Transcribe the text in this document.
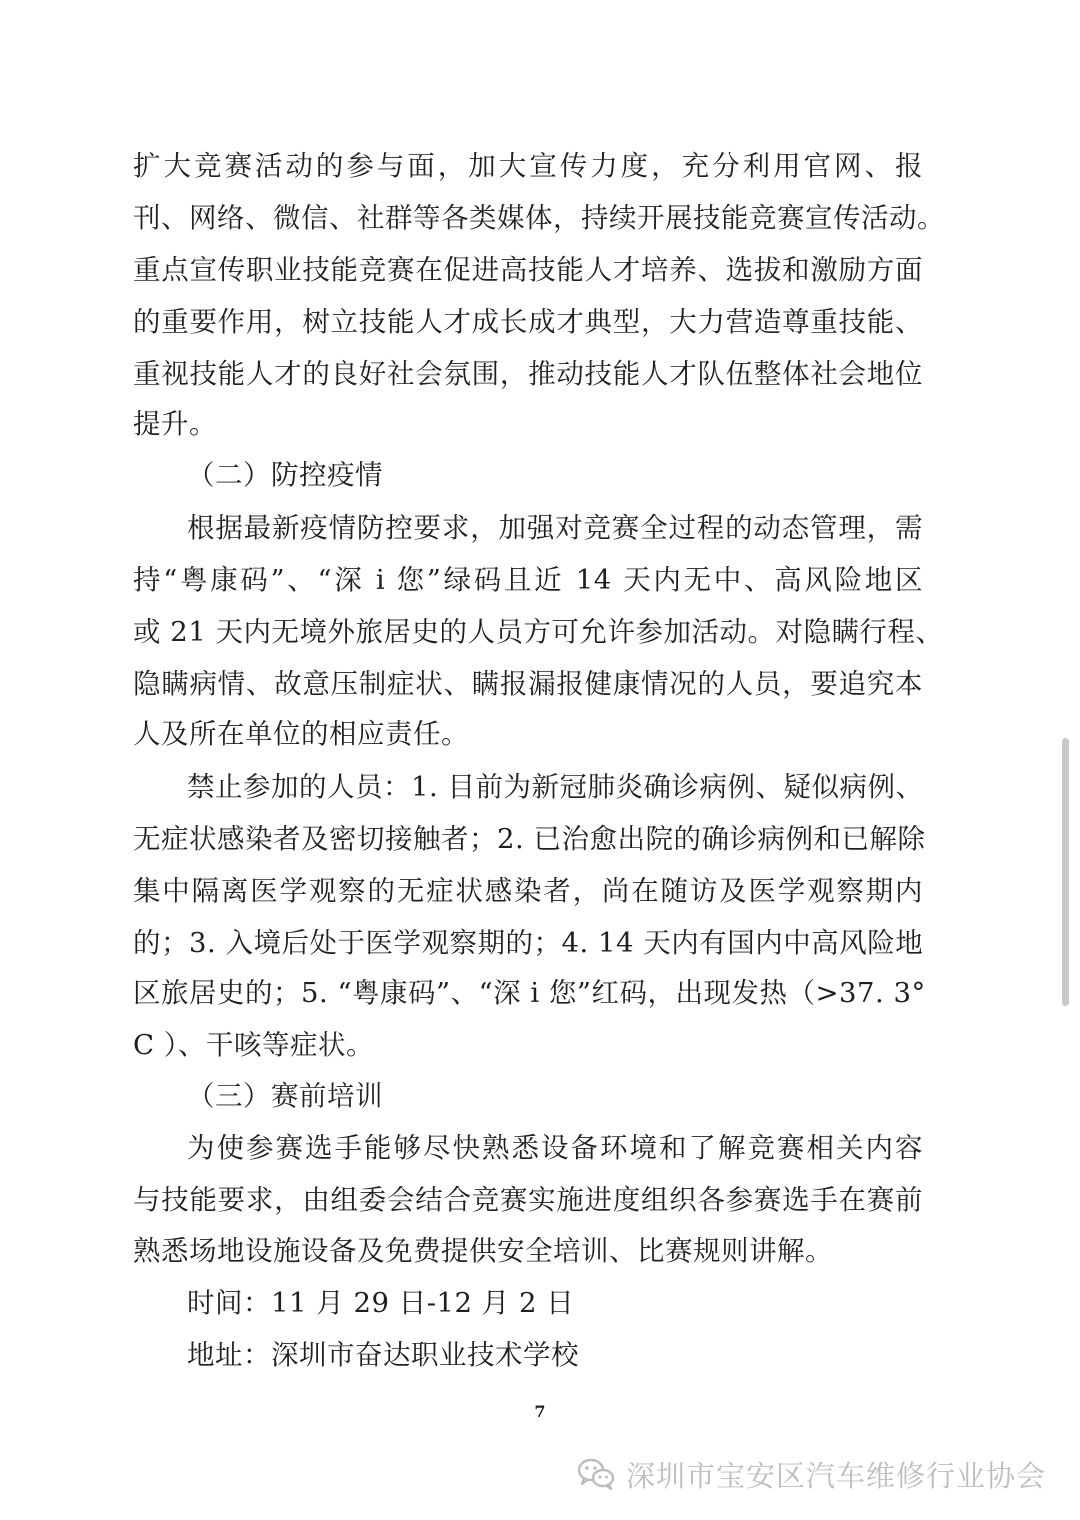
扩大竞赛活动的参与面，加大宣传力度，充分利用官网、报
刊、网络、微信、社群等各类媒体，持续开展技能竞赛宣传活动。
重点宣传职业技能竞赛在促进高技能人才培养、选拔和激励方面
的重要作用，树立技能人才成长成才典型，大力营造尊重技能、
重视技能人才的良好社会氛围，推动技能人才队伍整体社会地位
提升。
（二）防控疫情
根据最新疫情防控要求，加强对竞赛全过程的动态管理，需
持“粤康码”、“深 i 您”绿码且近 14 天内无中、高风险地区
或 21 天内无境外旅居史的人员方可允许参加活动。对隐瞒行程、
隐瞒病情、故意压制症状、瞒报漏报健康情况的人员，要追究本
人及所在单位的相应责任。
禁止参加的人员：1. 目前为新冠肺炎确诊病例、疑似病例、
无症状感染者及密切接触者；2. 已治愈出院的确诊病例和已解除
集中隔离医学观察的无症状感染者，尚在随访及医学观察期内
的；3. 入境后处于医学观察期的；4. 14 天内有国内中高风险地
区旅居史的；5. “粤康码”、“深 i 您”红码，出现发热（>37. 3°
C ）、干咳等症状。
（三）赛前培训
为使参赛选手能够尽快熟悉设备环境和了解竞赛相关内容
与技能要求，由组委会结合竞赛实施进度组织各参赛选手在赛前
熟悉场地设施设备及免费提供安全培训、比赛规则讲解。
时间：11 月 29 日-12 月 2 日
地址：深圳市奋达职业技术学校
7
深圳市宝安区汽车维修行业协会
